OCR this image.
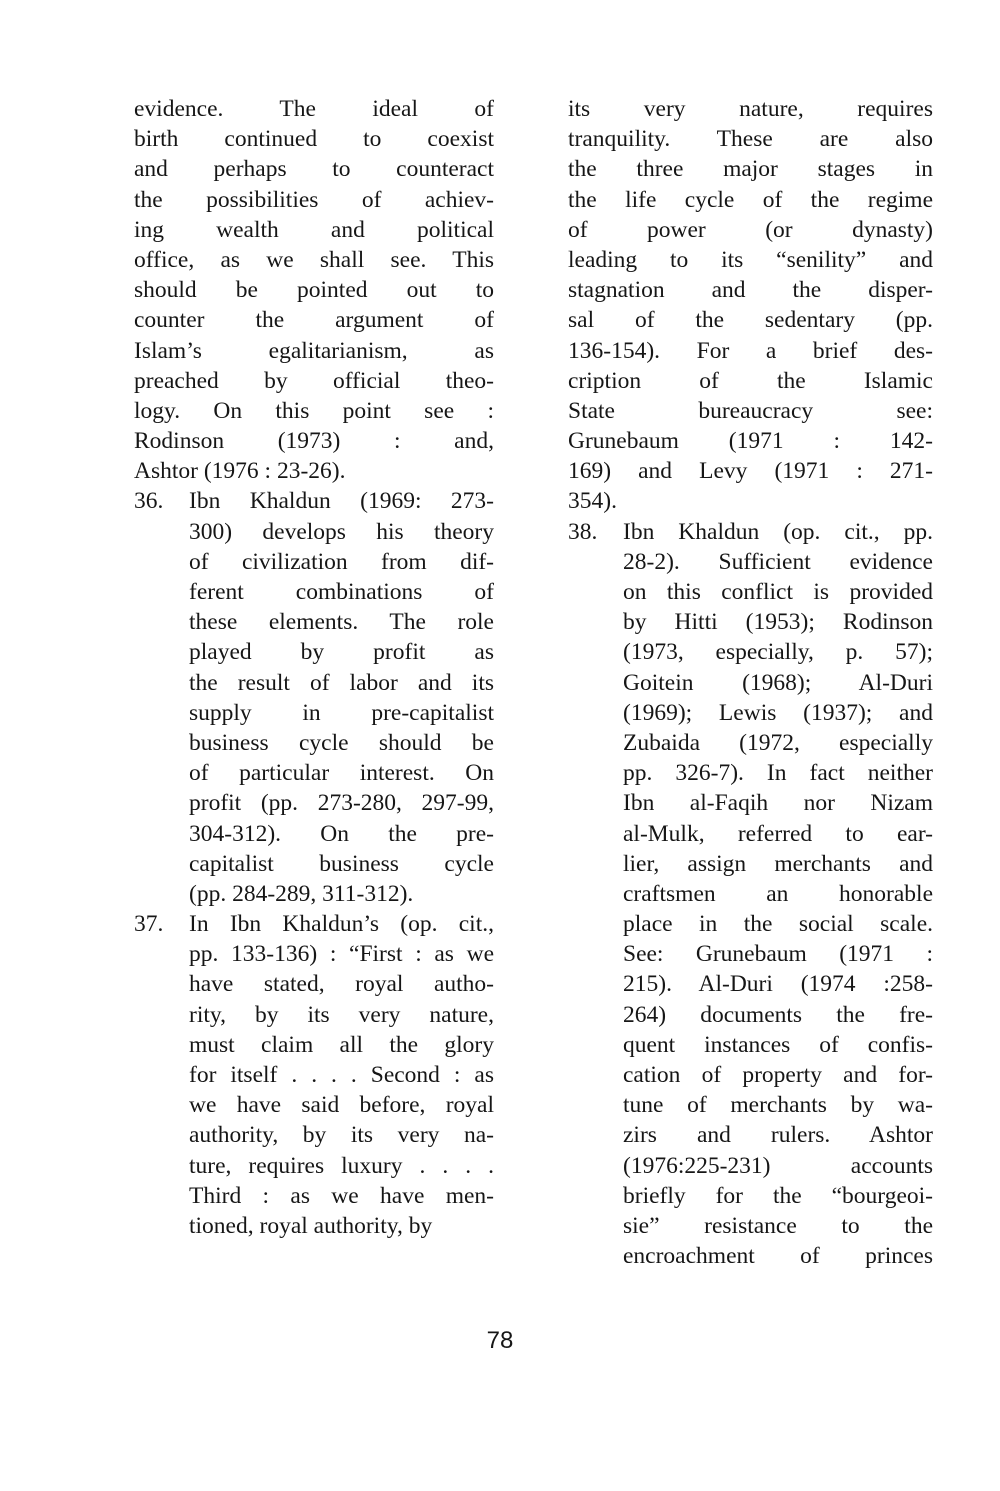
evidence. The ideal of
birth continued to coexist
and perhaps to counteract
the possibilities of achiev-
ing wealth and political
office, as we shall see. This
should be pointed out to
counter the argument of
Islam’s egalitarianism, as
preached by official theo-
logy. On this point see :
Rodinson (1973) : and,
Ashtor (1976 : 23-26).
36.	Ibn Khaldun (1969: 273-
300) develops his theory
of civilization from dif-
ferent combinations of
these elements. The role
played by profit as
the result of labor and its
supply in pre-capitalist
business cycle should be
of particular interest. On
profit (pp. 273-280, 297-99,
304-312). On the pre-
capitalist business cycle
(pp. 284-289, 311-312).
37.	In Ibn Khaldun’s (op. cit.,
pp. 133-136) : “First : as we
have stated, royal autho-
rity, by its very nature,
must claim all the glory
for itself . . . . Second : as
we have said before, royal
authority, by its very na-
ture, requires luxury . . . .
Third : as we have men-
tioned, royal authority, by
its very nature, requires
tranquility. These are also
the three major stages in
the life cycle of the regime
of power (or dynasty)
leading to its “senility” and
stagnation and the disper-
sal of the sedentary (pp.
136-154). For a brief des-
cription of the Islamic
State bureaucracy see:
Grunebaum (1971 : 142-
169) and Levy (1971 : 271-
354).
38.	Ibn Khaldun (op. cit., pp.
28-2). Sufficient evidence
on this conflict is provided
by Hitti (1953); Rodinson
(1973, especially, p. 57);
Goitein (1968); Al-Duri
(1969); Lewis (1937); and
Zubaida (1972, especially
pp. 326-7). In fact neither
Ibn al-Faqih nor Nizam
al-Mulk, referred to ear-
lier, assign merchants and
craftsmen an honorable
place in the social scale.
See: Grunebaum (1971 :
215). Al-Duri (1974 :258-
264) documents the fre-
quent instances of confis-
cation of property and for-
tune of merchants by wa-
zirs and rulers. Ashtor
(1976:225-231) accounts
briefly for the “bourgeoi-
sie” resistance to the
encroachment of princes
78
